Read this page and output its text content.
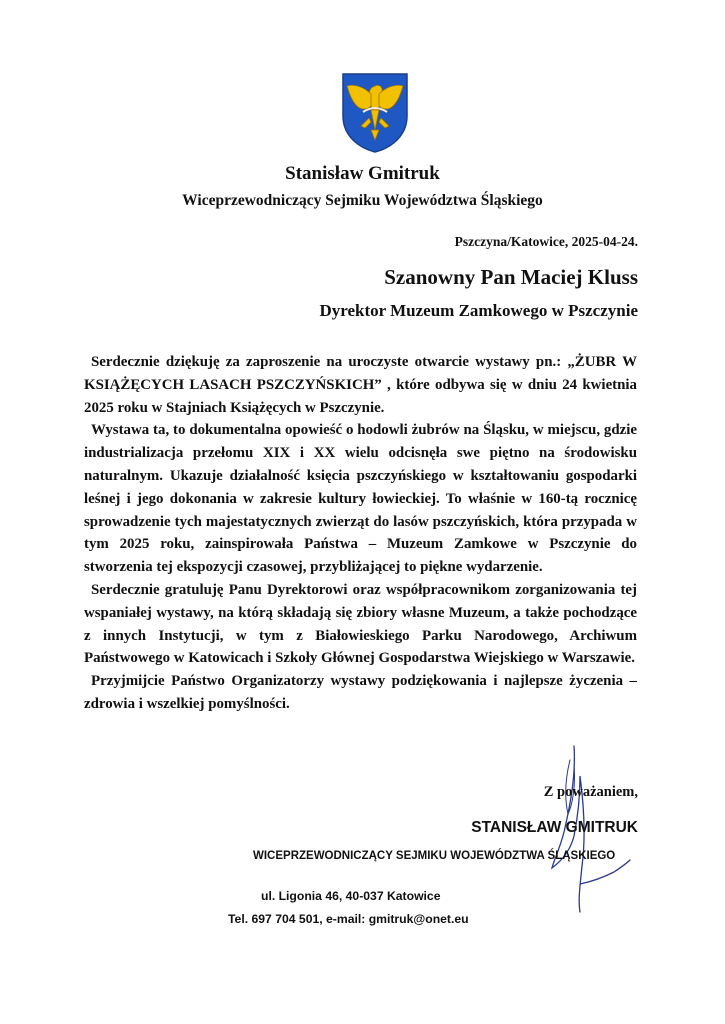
Stanisław Gmitruk
Wiceprzewodniczący Sejmiku Województwa Śląskiego
Pszczyna/Katowice, 2025-04-24.
Szanowny Pan Maciej Kluss
Dyrektor Muzeum Zamkowego w Pszczynie

Serdecznie dziękuję za zaproszenie na uroczyste otwarcie wystawy pn.: „ŻUBR W KSIĄŻĘCYCH LASACH PSZCZYŃSKICH” , które odbywa się w dniu 24 kwietnia 2025 roku w Stajniach Książęcych w Pszczynie.

Wystawa ta, to dokumentalna opowieść o hodowli żubrów na Śląsku, w miejscu, gdzie industrializacja przełomu XIX i XX wielu odcisnęła swe piętno na środowisku naturalnym. Ukazuje działalność księcia pszczyńskiego w kształtowaniu gospodarki leśnej i jego dokonania w zakresie kultury łowieckiej. To właśnie w 160-tą rocznicę sprowadzenie tych majestatycznych zwierząt do lasów pszczyńskich, która przypada w tym 2025 roku, zainspirowała Państwa – Muzeum Zamkowe w Pszczynie do stworzenia tej ekspozycji czasowej, przybliżającej to piękne wydarzenie.

Serdecznie gratuluję Panu Dyrektorowi oraz współpracownikom zorganizowania tej wspaniałej wystawy, na którą składają się zbiory własne Muzeum, a także pochodzące z innych Instytucji, w tym z Białowieskiego Parku Narodowego, Archiwum Państwowego w Katowicach i Szkoły Głównej Gospodarstwa Wiejskiego w Warszawie.

Przyjmijcie Państwo Organizatorzy wystawy podziękowania i najlepsze życzenia – zdrowia i wszelkiej pomyślności.

Z poważaniem,
STANISŁAW GMITRUK
WICEPRZEWODNICZĄCY SEJMIKU WOJEWÓDZTWA ŚLĄSKIEGO
ul. Ligonia 46, 40-037 Katowice
Tel. 697 704 501, e-mail: gmitruk@onet.eu
